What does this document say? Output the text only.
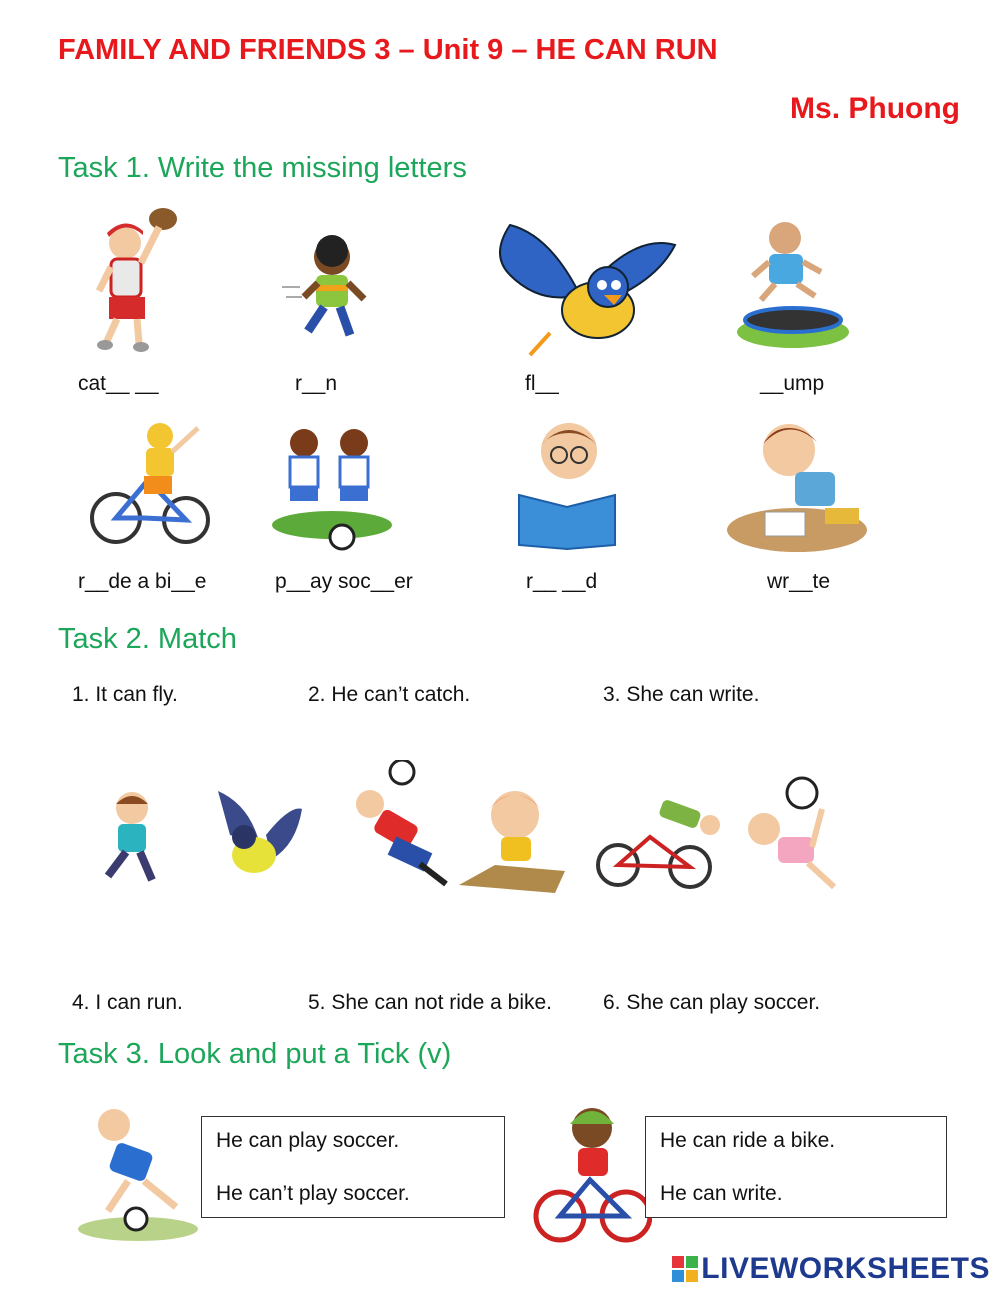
FAMILY AND FRIENDS 3 – Unit 9 – HE CAN RUN
Ms. Phuong
Task 1. Write the missing letters
cat__ __	r__n	fl__	__ump
r__de a bi__e	p__ay soc__er	r__ __d	wr__te
Task 2. Match
1. It can fly.	2. He can’t catch.	3. She can write.
4. I can run.	5. She can not ride a bike. 6. She can play soccer.
Task 3. Look and put a Tick (v)
He can play soccer.
He can’t play soccer.
He can ride a bike.
He can write.
LIVEWORKSHEETS
